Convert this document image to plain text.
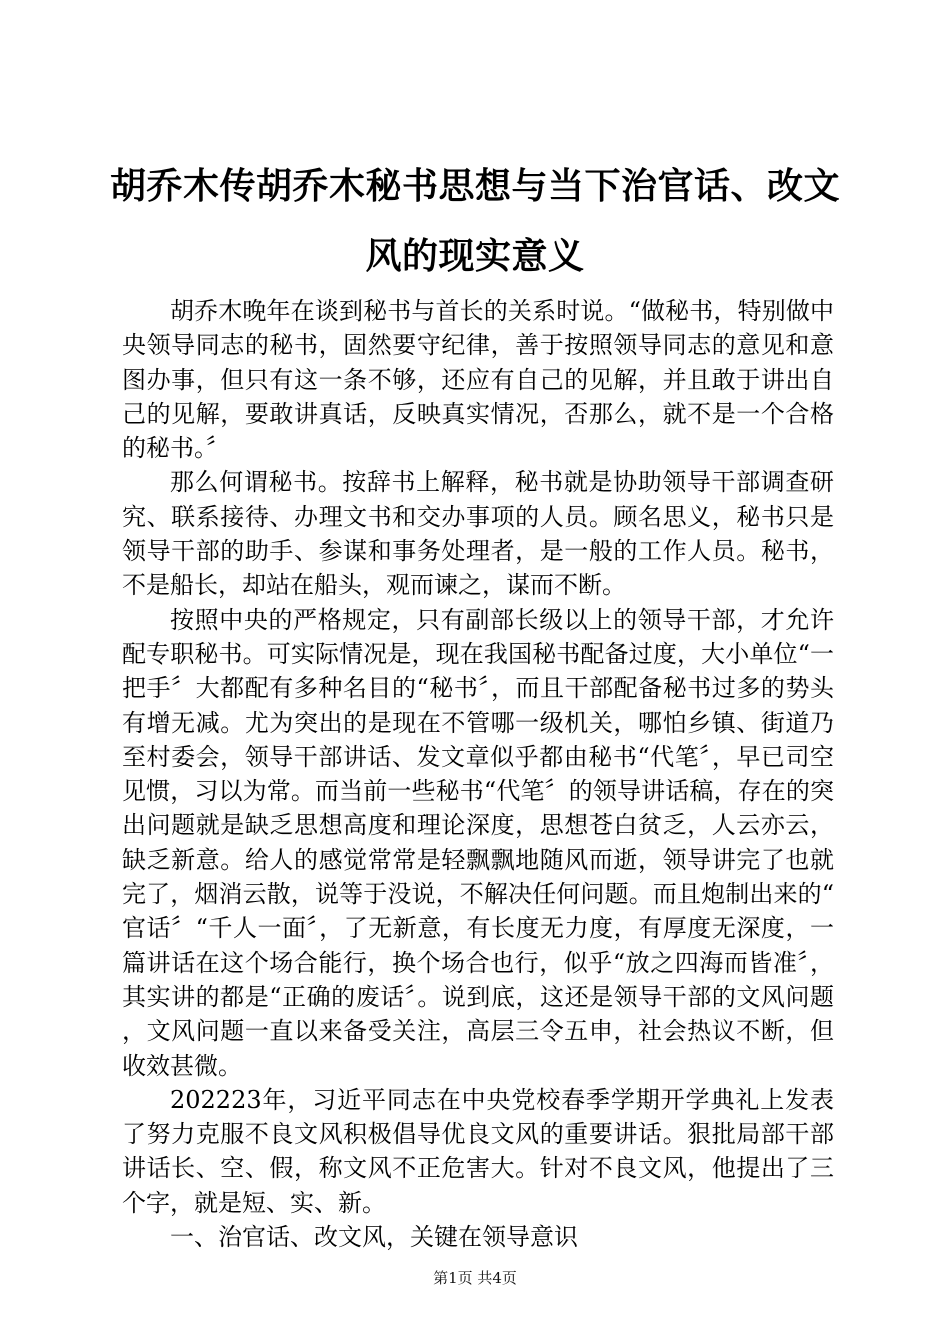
胡乔木传胡乔木秘书思想与当下治官话、改文风的现实意义

胡乔木晚年在谈到秘书与首长的关系时说。“做秘书，特别做中央领导同志的秘书，固然要守纪律，善于按照领导同志的意见和意图办事，但只有这一条不够，还应有自己的见解，并且敢于讲出自己的见解，要敢讲真话，反映真实情况，否那么，就不是一个合格的秘书。〞

那么何谓秘书。按辞书上解释，秘书就是协助领导干部调查研究、联系接待、办理文书和交办事项的人员。顾名思义，秘书只是领导干部的助手、参谋和事务处理者，是一般的工作人员。秘书，不是船长，却站在船头，观而谏之，谋而不断。

按照中央的严格规定，只有副部长级以上的领导干部，才允许配专职秘书。可实际情况是，现在我国秘书配备过度，大小单位“一把手〞大都配有多种名目的“秘书〞，而且干部配备秘书过多的势头有增无减。尤为突出的是现在不管哪一级机关，哪怕乡镇、街道乃至村委会，领导干部讲话、发文章似乎都由秘书“代笔〞，早已司空见惯，习以为常。而当前一些秘书“代笔〞的领导讲话稿，存在的突出问题就是缺乏思想高度和理论深度，思想苍白贫乏，人云亦云，缺乏新意。给人的感觉常常是轻飘飘地随风而逝，领导讲完了也就完了，烟消云散，说等于没说，不解决任何问题。而且炮制出来的“官话〞“千人一面〞，了无新意，有长度无力度，有厚度无深度，一篇讲话在这个场合能行，换个场合也行，似乎“放之四海而皆准〞，其实讲的都是“正确的废话〞。说到底，这还是领导干部的文风问题，文风问题一直以来备受关注，高层三令五申，社会热议不断，但收效甚微。

202223年，习近平同志在中央党校春季学期开学典礼上发表了努力克服不良文风积极倡导优良文风的重要讲话。狠批局部干部讲话长、空、假，称文风不正危害大。针对不良文风，他提出了三个字，就是短、实、新。

一、治官话、改文风，关键在领导意识

第1页 共4页
